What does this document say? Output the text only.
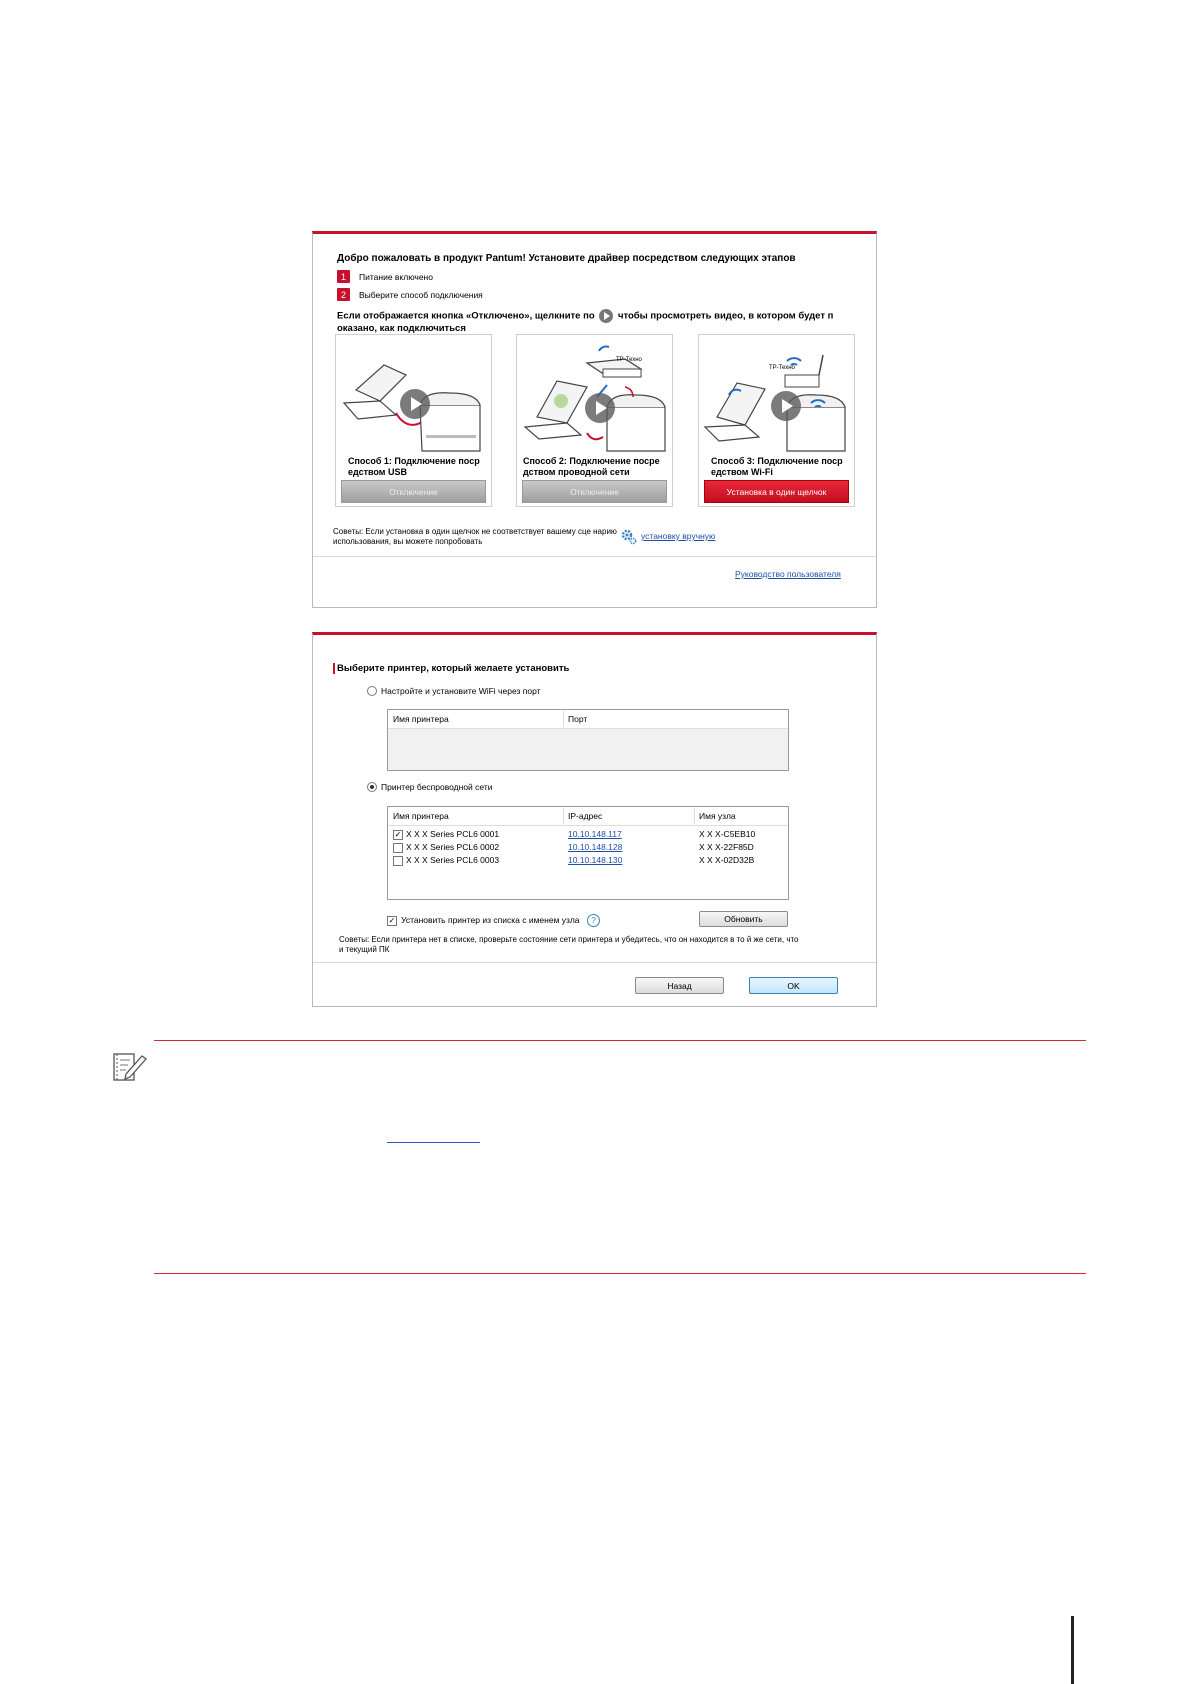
Добро пожаловать в продукт Pantum! Установите драйвер посредством следующих этапов
1	Питание включено
2	Выберите способ подключения
Если отображается кнопка «Отключено», щелкните по чтобы просмотреть видео, в котором будет п оказано, как подключиться
Способ 1: Подключение пoср едством USB
Отключение
TP-Техно
Способ 2: Подключение посре дством проводной сети
Отключение
TP-Техно
Способ 3: Подключение поср едством Wi-Fi
Установка в один щелчок
Советы: Если установка в один щелчок не соответствует вашему сце нарию использования, вы можете попробовать
установку вручную
Руководство пользователя
Выберите принтер, который желаете установить
Настройте и установите WiFi через порт
Имя принтера	Порт
Принтер беспроводной сети
Имя принтера	IP-адрес	Имя узла
✓ X X X Series PCL6 0001	10.10.148.117	X X X-C5EB10
X X X Series PCL6 0002	10.10.148.128	X X X-22F85D
X X X Series PCL6 0003	10.10.148.130	X X X-02D32B
✓ Установить принтер из списка с именем узла	?	Обновить
Советы: Если принтера нет в списке, проверьте состояние сети принтера и убедитесь, что он находится в то й же сети, что и текущий ПК
Назад	OK
